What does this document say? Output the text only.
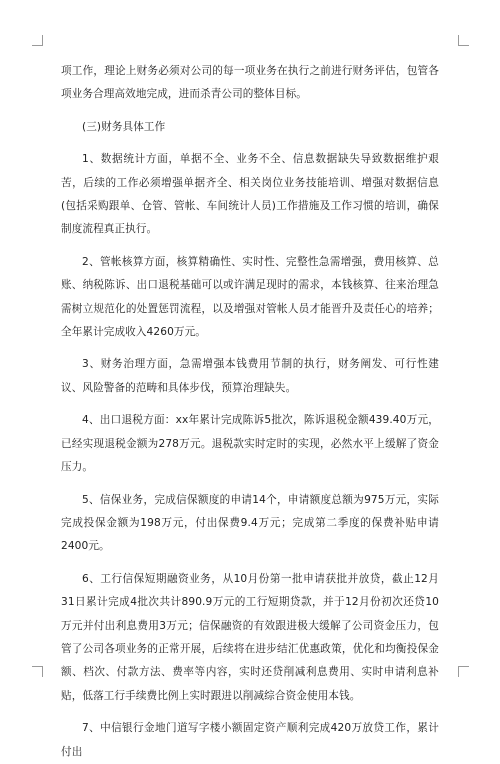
项工作，理论上财务必须对公司的每一项业务在执行之前进行财务评估，包管各项业务合理高效地完成，进而杀青公司的整体目标。

(三)财务具体工作

1、数据统计方面，单据不全、业务不全、信息数据缺失导致数据维护艰苦，后续的工作必须增强单据齐全、相关岗位业务技能培训、增强对数据信息(包括采购跟单、仓管、管帐、车间统计人员)工作措施及工作习惯的培训，确保制度流程真正执行。

2、管帐核算方面，核算精确性、实时性、完整性急需增强，费用核算、总账、纳税陈诉、出口退税基础可以或许满足现时的需求，本钱核算、往来治理急需树立规范化的处置惩罚流程，以及增强对管帐人员才能晋升及责任心的培养；全年累计完成收入4260万元。

3、财务治理方面，急需增强本钱费用节制的执行，财务阐发、可行性建议、风险警备的范畴和具体步伐，预算治理缺失。

4、出口退税方面：xx年累计完成陈诉5批次，陈诉退税金额439.40万元，已经实现退税金额为278万元。退税款实时定时的实现，必然水平上缓解了资金压力。

5、信保业务，完成信保额度的申请14个，申请额度总额为975万元，实际完成投保金额为198万元，付出保费9.4万元；完成第二季度的保费补贴申请2400元。

6、工行信保短期融资业务，从10月份第一批申请获批并放贷，截止12月31日累计完成4批次共计890.9万元的工行短期贷款，并于12月份初次还贷10万元并付出利息费用3万元；信保融资的有效跟进极大缓解了公司资金压力，包管了公司各项业务的正常开展，后续将在进步结汇优惠政策，优化和均衡投保金额、档次、付款方法、费率等内容，实时还贷削减利息费用、实时申请利息补贴，低落工行手续费比例上实时跟进以削减综合资金使用本钱。

7、中信银行金地门道写字楼小额固定资产顺利完成420万放贷工作，累计付出
